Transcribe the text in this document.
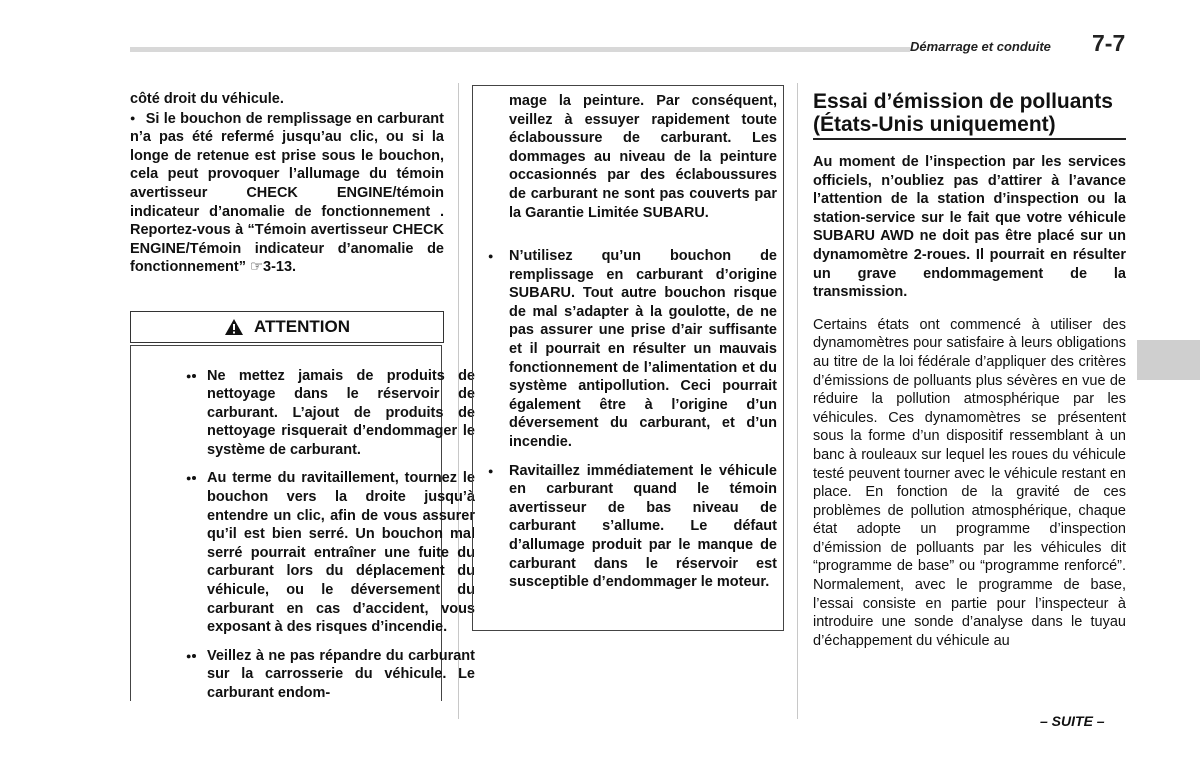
Démarrage et conduite 7-7

côté droit du véhicule.

● Si le bouchon de remplissage en carburant n’a pas été refermé jusqu’au clic, ou si la longe de retenue est prise sous le bouchon, cela peut provoquer l’allumage du témoin avertisseur CHECK ENGINE/témoin indicateur d’anomalie de fonctionnement . Reportez-vous à “Témoin avertisseur CHECK ENGINE/Témoin indicateur d’anomalie de fonctionnement” ☞3-13.
ATTENTION
• ● Ne mettez jamais de produits de nettoyage dans le réservoir de carburant. L’ajout de produits de nettoyage risquerait d’endommager le système de carburant.
• ● Au terme du ravitaillement, tournez le bouchon vers la droite jusqu’à entendre un clic, afin de vous assurer qu’il est bien serré. Un bouchon mal serré pourrait entraîner une fuite du carburant lors du déplacement du véhicule, ou le déversement du carburant en cas d’accident, vous exposant à des risques d’incendie.
• ● Veillez à ne pas répandre du carburant sur la carrosserie du véhicule. Le carburant endom-
mage la peinture. Par conséquent, veillez à essuyer rapidement toute éclaboussure de carburant. Les dommages au niveau de la peinture occasionnés par des éclaboussures de carburant ne sont pas couverts par la Garantie Limitée SUBARU.
● N’utilisez qu’un bouchon de remplissage en carburant d’origine SUBARU. Tout autre bouchon risque de mal s’adapter à la goulotte, de ne pas assurer une prise d’air suffisante et il pourrait en résulter un mauvais fonctionnement de l’alimentation et du système antipollution. Ceci pourrait également être à l’origine d’un déversement du carburant, et d’un incendie.
● Ravitaillez immédiatement le véhicule en carburant quand le témoin avertisseur de bas niveau de carburant s’allume. Le défaut d’allumage produit par le manque de carburant dans le réservoir est susceptible d’endommager le moteur.
Essai d’émission de polluants (États-Unis uniquement)

Au moment de l’inspection par les services officiels, n’oubliez pas d’attirer à l’avance l’attention de la station d’inspection ou la station-service sur le fait que votre véhicule SUBARU AWD ne doit pas être placé sur un dynamomètre 2-roues. Il pourrait en résulter un grave endommagement de la transmission.

Certains états ont commencé à utiliser des dynamomètres pour satisfaire à leurs obligations au titre de la loi fédérale d’appliquer des critères d’émissions de polluants plus sévères en vue de réduire la pollution atmosphérique par les véhicules. Ces dynamomètres se présentent sous la forme d’un dispositif ressemblant à un banc à rouleaux sur lequel les roues du véhicule testé peuvent tourner avec le véhicule restant en place. En fonction de la gravité de ces problèmes de pollution atmosphérique, chaque état adopte un programme d’inspection d’émission de polluants par les véhicules dit “programme de base” ou “programme renforcé”. Normalement, avec le programme de base, l’essai consiste en partie pour l’inspecteur à introduire une sonde d’analyse dans le tuyau d’échappement du véhicule au

– SUITE –
